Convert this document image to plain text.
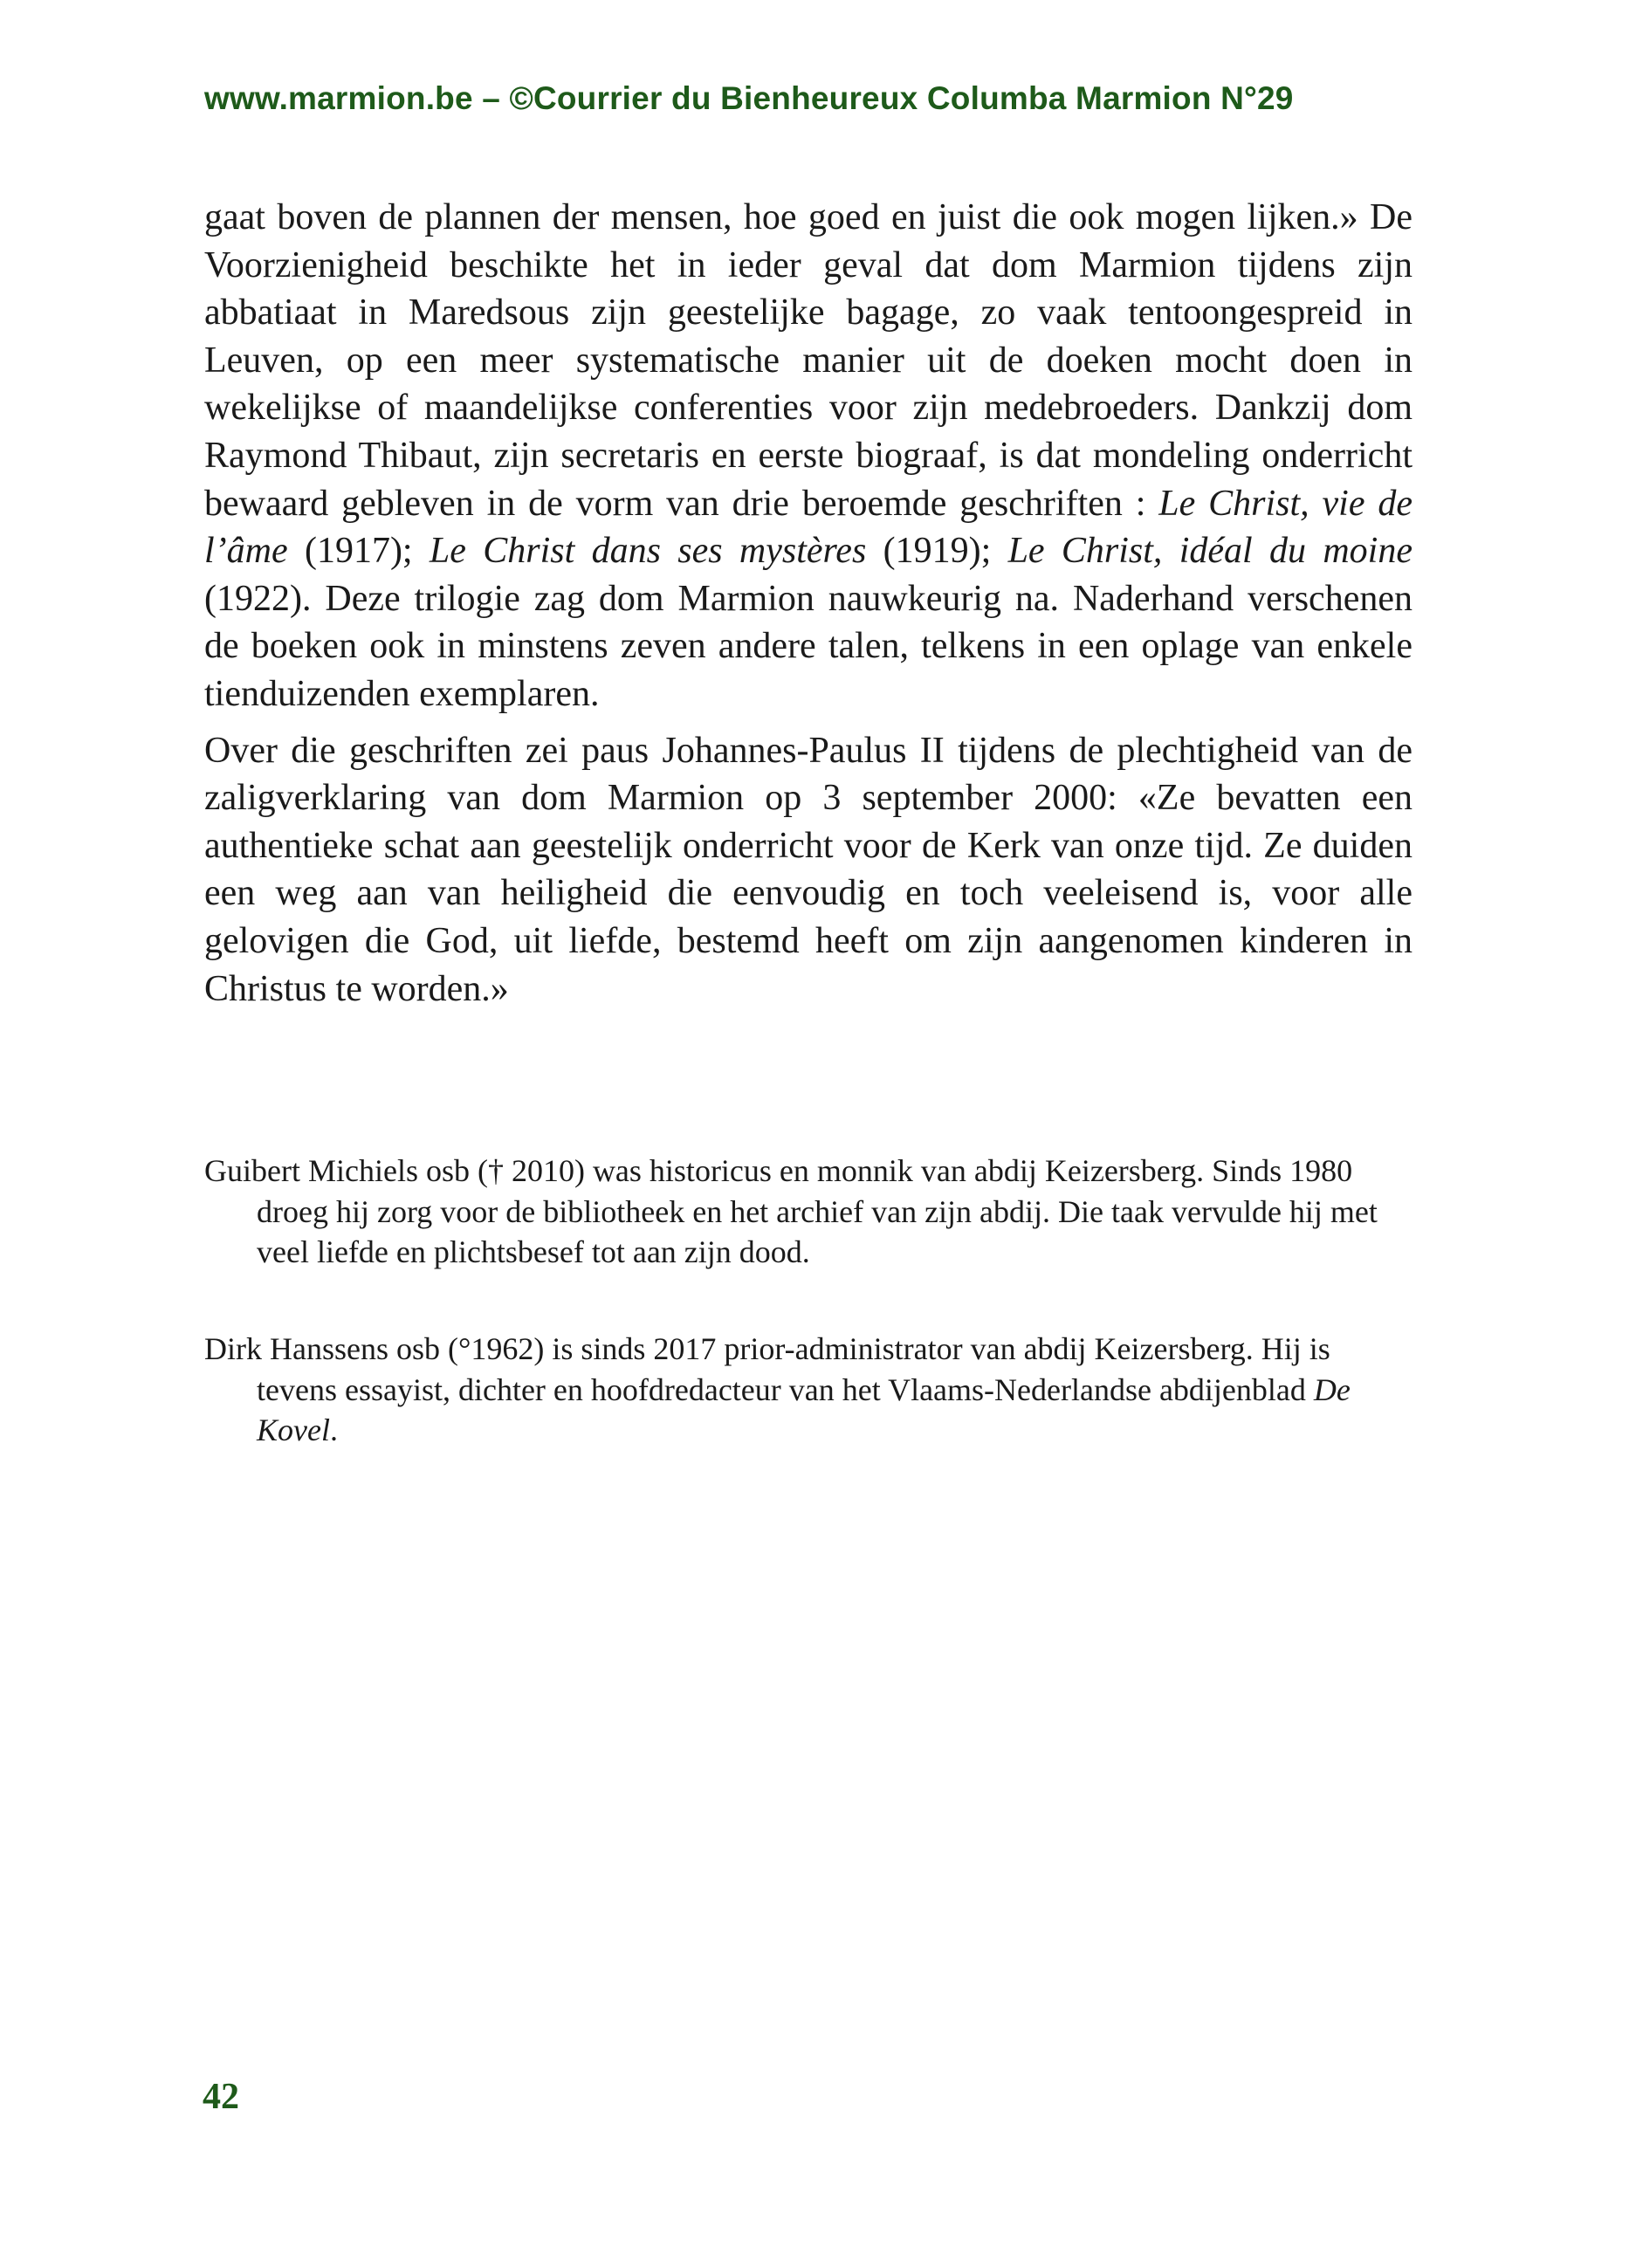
www.marmion.be – ©Courrier du Bienheureux Columba Marmion N°29

gaat boven de plannen der mensen, hoe goed en juist die ook mogen lijken.» De Voorzienigheid beschikte het in ieder geval dat dom Marmion tijdens zijn abbatiaat in Maredsous zijn geestelijke bagage, zo vaak tentoongespreid in Leuven, op een meer systematische manier uit de doeken mocht doen in wekelijkse of maandelijkse conferenties voor zijn medebroeders. Dankzij dom Raymond Thibaut, zijn secretaris en eerste biograaf, is dat mondeling onderricht bewaard gebleven in de vorm van drie beroemde geschriften : Le Christ, vie de l’âme (1917); Le Christ dans ses mystères (1919); Le Christ, idéal du moine (1922). Deze trilogie zag dom Marmion nauwkeurig na. Naderhand verschenen de boeken ook in minstens zeven andere talen, telkens in een oplage van enkele tienduizenden exemplaren.

Over die geschriften zei paus Johannes-Paulus II tijdens de plechtigheid van de zaligverklaring van dom Marmion op 3 september 2000: «Ze bevatten een authentieke schat aan geestelijk onderricht voor de Kerk van onze tijd. Ze duiden een weg aan van heiligheid die eenvoudig en toch veeleisend is, voor alle gelovigen die God, uit liefde, bestemd heeft om zijn aangenomen kinderen in Christus te worden.»

Guibert Michiels osb († 2010) was historicus en monnik van abdij Keizersberg. Sinds 1980 droeg hij zorg voor de bibliotheek en het archief van zijn abdij. Die taak vervulde hij met veel liefde en plichtsbesef tot aan zijn dood.
Dirk Hanssens osb (°1962) is sinds 2017 prior-administrator van abdij Keizersberg. Hij is tevens essayist, dichter en hoofdredacteur van het Vlaams-Nederlandse abdijenblad De Kovel.
42
